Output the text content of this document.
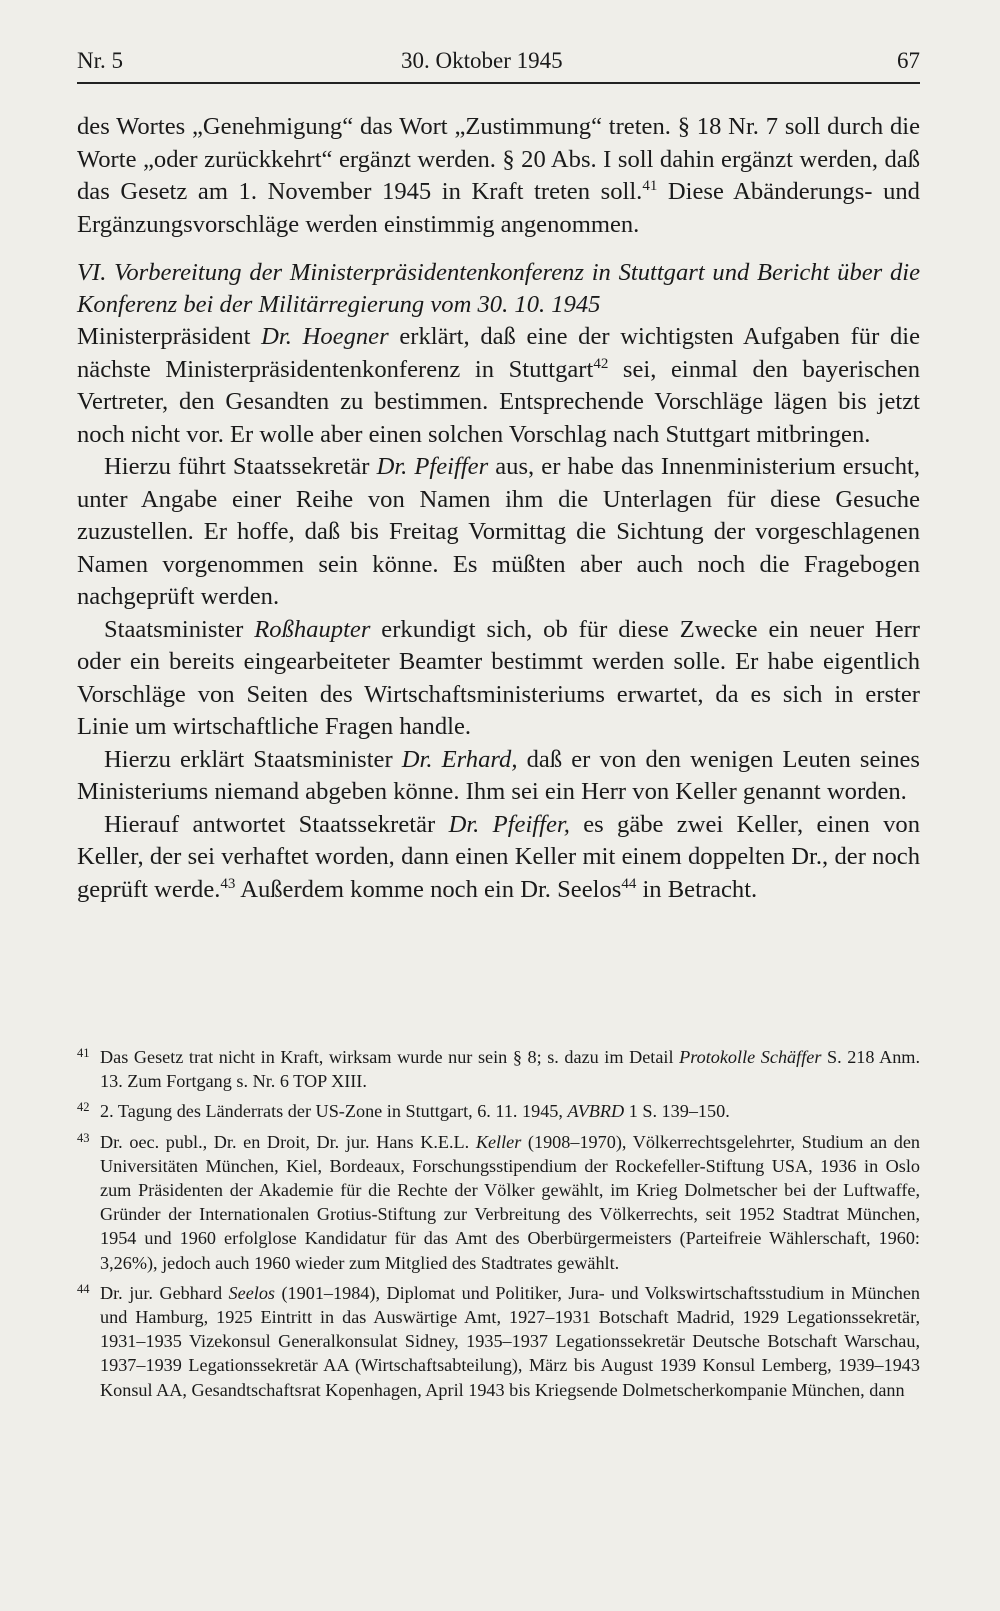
Nr. 5	30. Oktober 1945	67

des Wortes „Genehmigung“ das Wort „Zustimmung“ treten. § 18 Nr. 7 soll durch die Worte „oder zurückkehrt“ ergänzt werden. § 20 Abs. I soll dahin ergänzt werden, daß das Gesetz am 1. November 1945 in Kraft treten soll.$^{41}$ Diese Abänderungs- und Ergänzungsvorschläge werden einstimmig angenommen.

VI. Vorbereitung der Ministerpräsidentenkonferenz in Stuttgart und Bericht über die Konferenz bei der Militärregierung vom 30. 10. 1945

Ministerpräsident Dr. Hoegner erklärt, daß eine der wichtigsten Aufgaben für die nächste Ministerpräsidentenkonferenz in Stuttgart$^{42}$ sei, einmal den bayerischen Vertreter, den Gesandten zu bestimmen. Entsprechende Vorschläge lägen bis jetzt noch nicht vor. Er wolle aber einen solchen Vorschlag nach Stuttgart mitbringen.

Hierzu führt Staatssekretär Dr. Pfeiffer aus, er habe das Innenministerium ersucht, unter Angabe einer Reihe von Namen ihm die Unterlagen für diese Gesuche zuzustellen. Er hoffe, daß bis Freitag Vormittag die Sichtung der vorgeschlagenen Namen vorgenommen sein könne. Es müßten aber auch noch die Fragebogen nachgeprüft werden.

Staatsminister Roßhaupter erkundigt sich, ob für diese Zwecke ein neuer Herr oder ein bereits eingearbeiteter Beamter bestimmt werden solle. Er habe eigentlich Vorschläge von Seiten des Wirtschaftsministeriums erwartet, da es sich in erster Linie um wirtschaftliche Fragen handle.

Hierzu erklärt Staatsminister Dr. Erhard, daß er von den wenigen Leuten seines Ministeriums niemand abgeben könne. Ihm sei ein Herr von Keller genannt worden.

Hierauf antwortet Staatssekretär Dr. Pfeiffer, es gäbe zwei Keller, einen von Keller, der sei verhaftet worden, dann einen Keller mit einem doppelten Dr., der noch geprüft werde.$^{43}$ Außerdem komme noch ein Dr. Seelos$^{44}$ in Betracht.

41 Das Gesetz trat nicht in Kraft, wirksam wurde nur sein § 8; s. dazu im Detail Protokolle Schäffer S. 218 Anm. 13. Zum Fortgang s. Nr. 6 TOP XIII.
42 2. Tagung des Länderrats der US-Zone in Stuttgart, 6. 11. 1945, AVBRD 1 S. 139–150.
43 Dr. oec. publ., Dr. en Droit, Dr. jur. Hans K.E.L. Keller (1908–1970), Völkerrechtsgelehrter, Studium an den Universitäten München, Kiel, Bordeaux, Forschungsstipendium der Rockefeller-Stiftung USA, 1936 in Oslo zum Präsidenten der Akademie für die Rechte der Völker gewählt, im Krieg Dolmetscher bei der Luftwaffe, Gründer der Internationalen Grotius-Stiftung zur Verbreitung des Völkerrechts, seit 1952 Stadtrat München, 1954 und 1960 erfolglose Kandidatur für das Amt des Oberbürgermeisters (Parteifreie Wählerschaft, 1960: 3,26%), jedoch auch 1960 wieder zum Mitglied des Stadtrates gewählt.
44 Dr. jur. Gebhard Seelos (1901–1984), Diplomat und Politiker, Jura- und Volkswirtschaftsstudium in München und Hamburg, 1925 Eintritt in das Auswärtige Amt, 1927–1931 Botschaft Madrid, 1929 Legationssekretär, 1931–1935 Vizekonsul Generalkonsulat Sidney, 1935–1937 Legationssekretär Deutsche Botschaft Warschau, 1937–1939 Legationssekretär AA (Wirtschaftsabteilung), März bis August 1939 Konsul Lemberg, 1939–1943 Konsul AA, Gesandtschaftsrat Kopenhagen, April 1943 bis Kriegsende Dolmetscherkompanie München, dann
